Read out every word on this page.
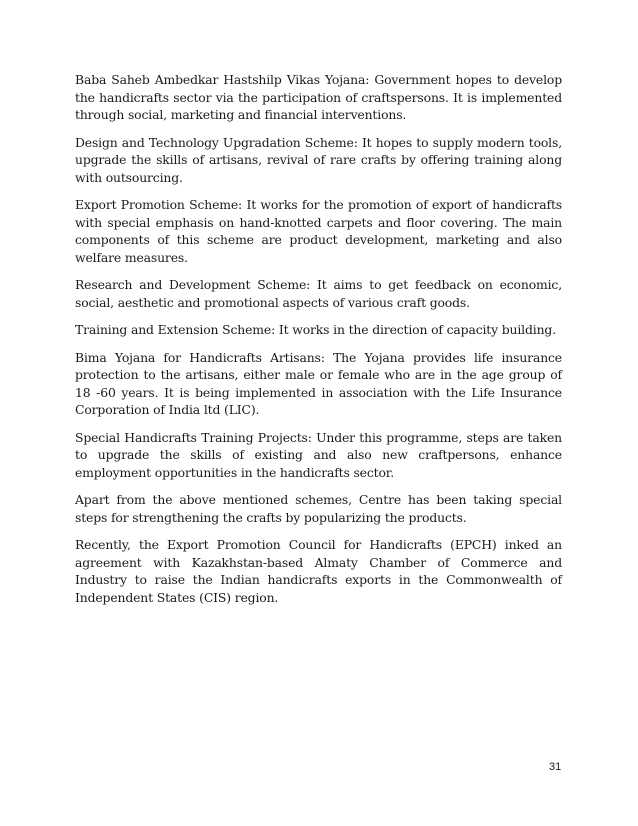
Baba Saheb Ambedkar Hastshilp Vikas Yojana: Government hopes to develop the handicrafts sector via the participation of craftspersons. It is implemented through social, marketing and financial interventions.

Design and Technology Upgradation Scheme: It hopes to supply modern tools, upgrade the skills of artisans, revival of rare crafts by offering training along with outsourcing.

Export Promotion Scheme: It works for the promotion of export of handicrafts with special emphasis on hand-knotted carpets and floor covering. The main components of this scheme are product development, marketing and also welfare measures.

Research and Development Scheme: It aims to get feedback on economic, social, aesthetic and promotional aspects of various craft goods.

Training and Extension Scheme: It works in the direction of capacity building.

Bima Yojana for Handicrafts Artisans: The Yojana provides life insurance protection to the artisans, either male or female who are in the age group of 18 -60 years. It is being implemented in association with the Life Insurance Corporation of India ltd (LIC).

Special Handicrafts Training Projects: Under this programme, steps are taken to upgrade the skills of existing and also new craftpersons, enhance employment opportunities in the handicrafts sector.

Apart from the above mentioned schemes, Centre has been taking special steps for strengthening the crafts by popularizing the products.

Recently, the Export Promotion Council for Handicrafts (EPCH) inked an agreement with Kazakhstan-based Almaty Chamber of Commerce and Industry to raise the Indian handicrafts exports in the Commonwealth of Independent States (CIS) region.

31
